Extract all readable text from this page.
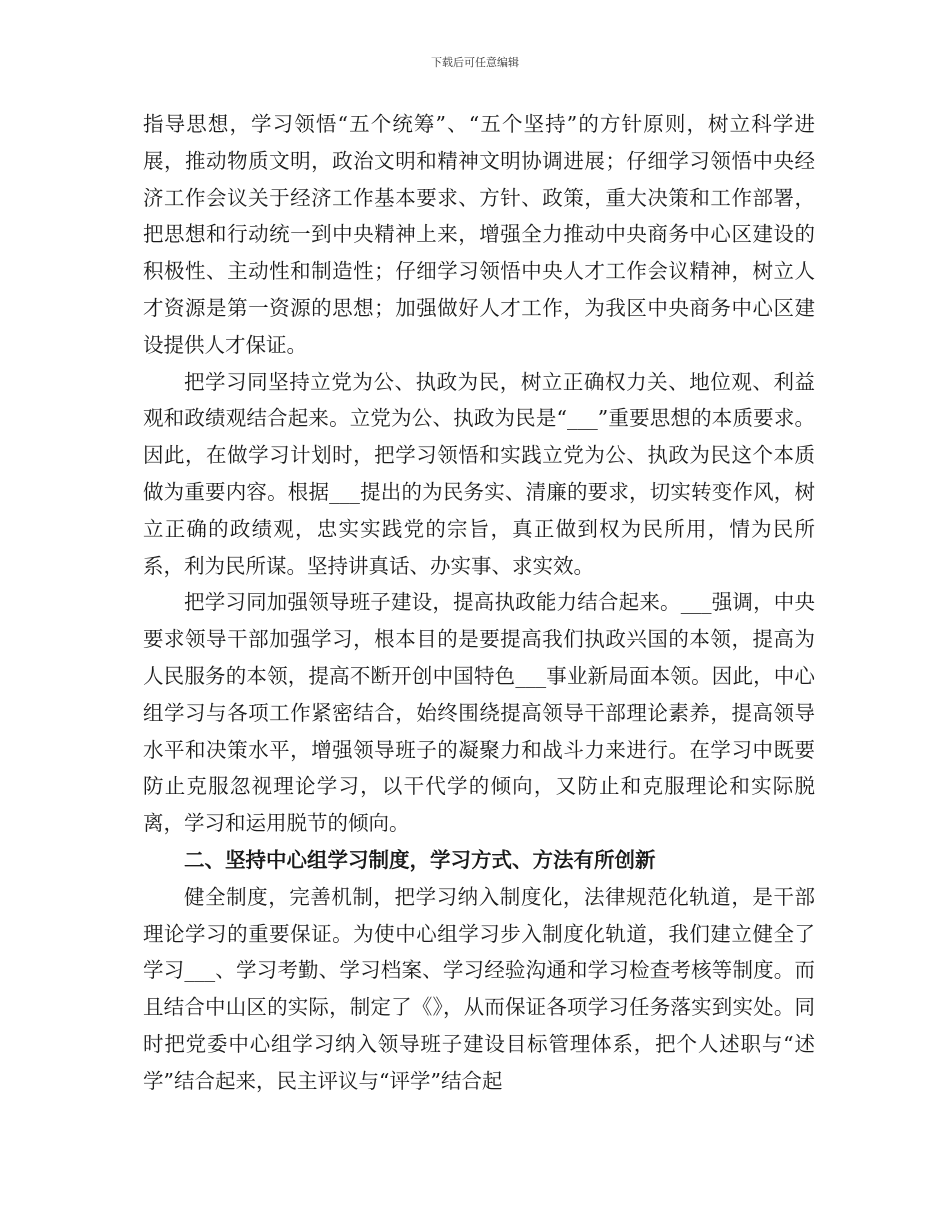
下载后可任意编辑

指导思想，学习领悟“五个统筹”、“五个坚持”的方针原则，树立科学进展，推动物质文明，政治文明和精神文明协调进展；仔细学习领悟中央经济工作会议关于经济工作基本要求、方针、政策，重大决策和工作部署，把思想和行动统一到中央精神上来，增强全力推动中央商务中心区建设的积极性、主动性和制造性；仔细学习领悟中央人才工作会议精神，树立人才资源是第一资源的思想；加强做好人才工作，为我区中央商务中心区建设提供人才保证。

把学习同坚持立党为公、执政为民，树立正确权力关、地位观、利益观和政绩观结合起来。立党为公、执政为民是“___”重要思想的本质要求。因此，在做学习计划时，把学习领悟和实践立党为公、执政为民这个本质做为重要内容。根据___提出的为民务实、清廉的要求，切实转变作风，树立正确的政绩观，忠实实践党的宗旨，真正做到权为民所用，情为民所系，利为民所谋。坚持讲真话、办实事、求实效。

把学习同加强领导班子建设，提高执政能力结合起来。___强调，中央要求领导干部加强学习，根本目的是要提高我们执政兴国的本领，提高为人民服务的本领，提高不断开创中国特色___事业新局面本领。因此，中心组学习与各项工作紧密结合，始终围绕提高领导干部理论素养，提高领导水平和决策水平，增强领导班子的凝聚力和战斗力来进行。在学习中既要防止克服忽视理论学习，以干代学的倾向，又防止和克服理论和实际脱离，学习和运用脱节的倾向。

二、坚持中心组学习制度，学习方式、方法有所创新

健全制度，完善机制，把学习纳入制度化，法律规范化轨道，是干部理论学习的重要保证。为使中心组学习步入制度化轨道，我们建立健全了学习___、学习考勤、学习档案、学习经验沟通和学习检查考核等制度。而且结合中山区的实际，制定了《》，从而保证各项学习任务落实到实处。同时把党委中心组学习纳入领导班子建设目标管理体系，把个人述职与“述学”结合起来，民主评议与“评学”结合起
